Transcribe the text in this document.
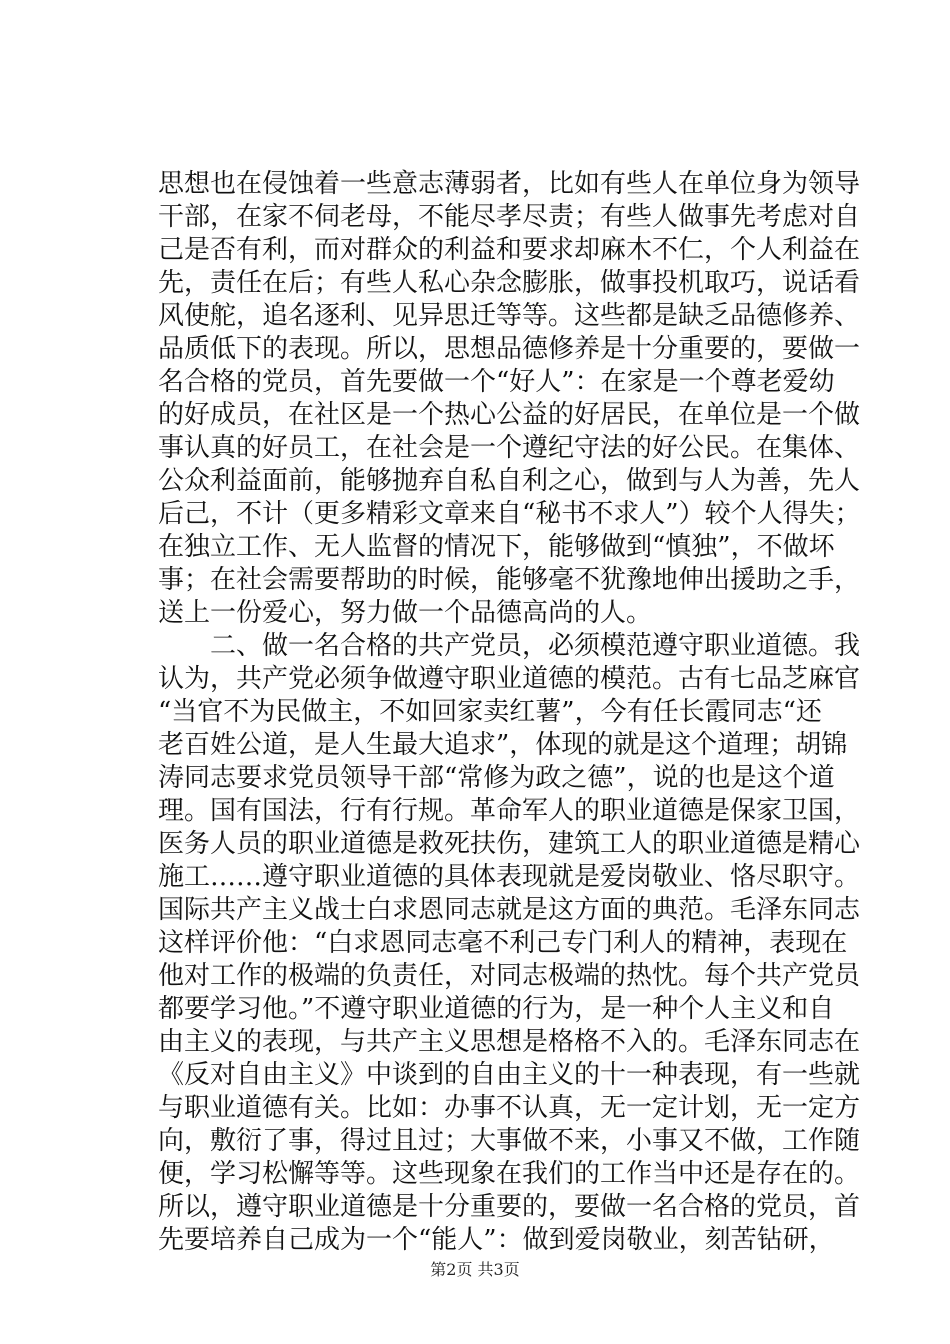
思想也在侵蚀着一些意志薄弱者，比如有些人在单位身为领导
干部，在家不伺老母，不能尽孝尽责；有些人做事先考虑对自
己是否有利，而对群众的利益和要求却麻木不仁，个人利益在
先，责任在后；有些人私心杂念膨胀，做事投机取巧，说话看
风使舵，追名逐利、见异思迁等等。这些都是缺乏品德修养、
品质低下的表现。所以，思想品德修养是十分重要的，要做一
名合格的党员，首先要做一个“好人”：在家是一个尊老爱幼
的好成员，在社区是一个热心公益的好居民，在单位是一个做
事认真的好员工，在社会是一个遵纪守法的好公民。在集体、
公众利益面前，能够抛弃自私自利之心，做到与人为善，先人
后己，不计（更多精彩文章来自“秘书不求人”）较个人得失；
在独立工作、无人监督的情况下，能够做到“慎独”，不做坏
事；在社会需要帮助的时候，能够毫不犹豫地伸出援助之手，
送上一份爱心，努力做一个品德高尚的人。
　　二、做一名合格的共产党员，必须模范遵守职业道德。我
认为，共产党必须争做遵守职业道德的模范。古有七品芝麻官
“当官不为民做主，不如回家卖红薯”，今有任长霞同志“还
老百姓公道，是人生最大追求”，体现的就是这个道理；胡锦
涛同志要求党员领导干部“常修为政之德”，说的也是这个道
理。国有国法，行有行规。革命军人的职业道德是保家卫国，
医务人员的职业道德是救死扶伤，建筑工人的职业道德是精心
施工……遵守职业道德的具体表现就是爱岗敬业、恪尽职守。
国际共产主义战士白求恩同志就是这方面的典范。毛泽东同志
这样评价他：“白求恩同志毫不利己专门利人的精神，表现在
他对工作的极端的负责任，对同志极端的热忱。每个共产党员
都要学习他。”不遵守职业道德的行为，是一种个人主义和自
由主义的表现，与共产主义思想是格格不入的。毛泽东同志在
《反对自由主义》中谈到的自由主义的十一种表现，有一些就
与职业道德有关。比如：办事不认真，无一定计划，无一定方
向，敷衍了事，得过且过；大事做不来，小事又不做，工作随
便，学习松懈等等。这些现象在我们的工作当中还是存在的。
所以，遵守职业道德是十分重要的，要做一名合格的党员，首
先要培养自己成为一个“能人”：做到爱岗敬业，刻苦钻研，
第2页 共3页
